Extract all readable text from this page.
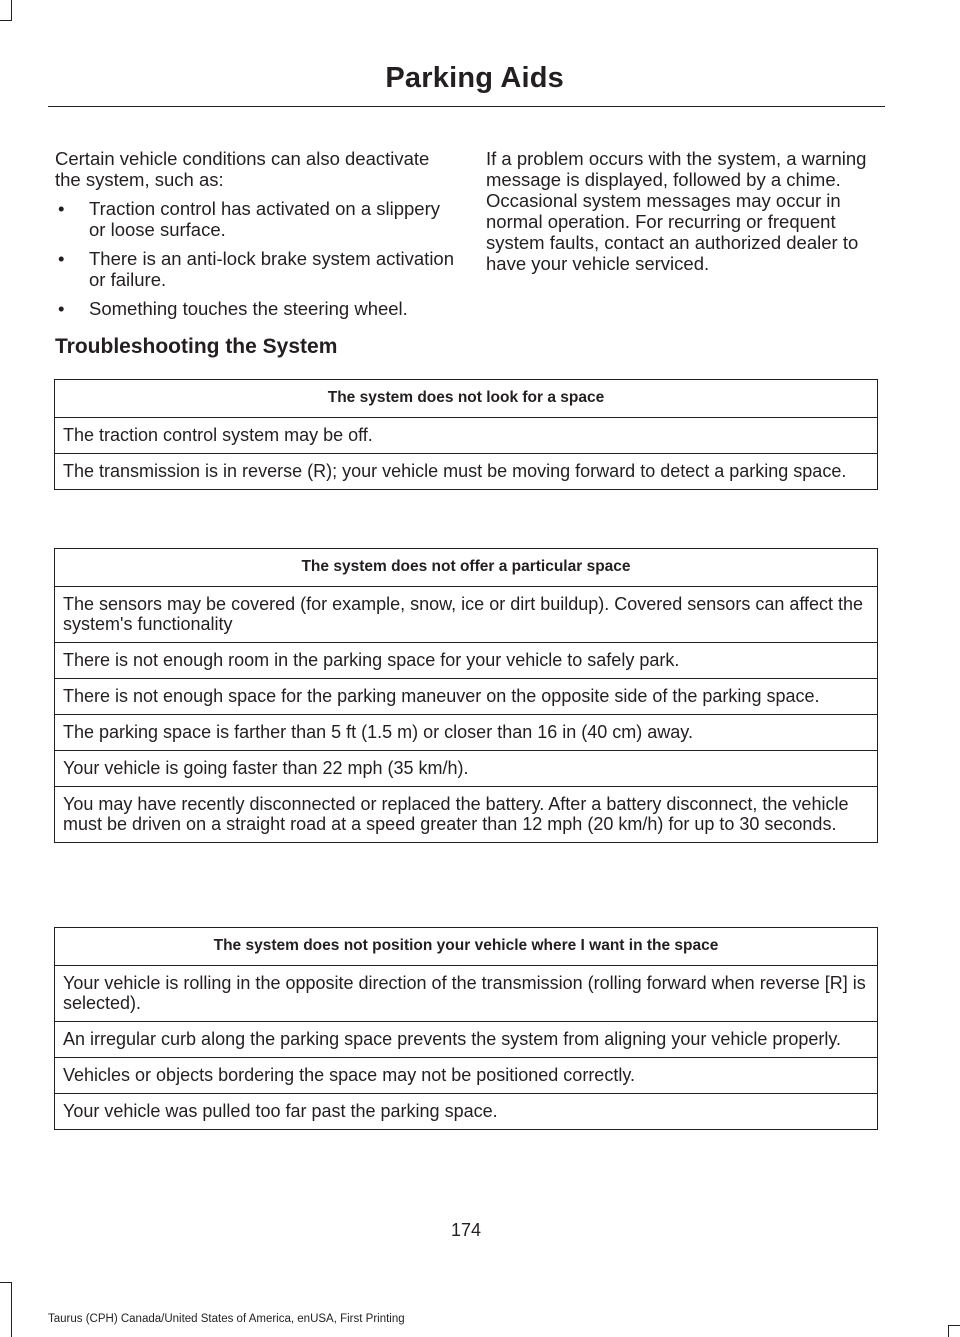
Parking Aids

Certain vehicle conditions can also deactivate the system, such as:

• Traction control has activated on a slippery or loose surface.
• There is an anti-lock brake system activation or failure.
• Something touches the steering wheel.

If a problem occurs with the system, a warning message is displayed, followed by a chime. Occasional system messages may occur in normal operation. For recurring or frequent system faults, contact an authorized dealer to have your vehicle serviced.

Troubleshooting the System
The system does not look for a space
The traction control system may be off.
The transmission is in reverse (R); your vehicle must be moving forward to detect a parking space.
The system does not offer a particular space
The sensors may be covered (for example, snow, ice or dirt buildup). Covered sensors can affect the system's functionality
There is not enough room in the parking space for your vehicle to safely park.
There is not enough space for the parking maneuver on the opposite side of the parking space.
The parking space is farther than 5 ft (1.5 m) or closer than 16 in (40 cm) away.
Your vehicle is going faster than 22 mph (35 km/h).
You may have recently disconnected or replaced the battery. After a battery disconnect, the vehicle must be driven on a straight road at a speed greater than 12 mph (20 km/h) for up to 30 seconds.
The system does not position your vehicle where I want in the space
Your vehicle is rolling in the opposite direction of the transmission (rolling forward when reverse [R] is selected).
An irregular curb along the parking space prevents the system from aligning your vehicle properly.
Vehicles or objects bordering the space may not be positioned correctly.
Your vehicle was pulled too far past the parking space.
174
Taurus (CPH) Canada/United States of America, enUSA, First Printing
